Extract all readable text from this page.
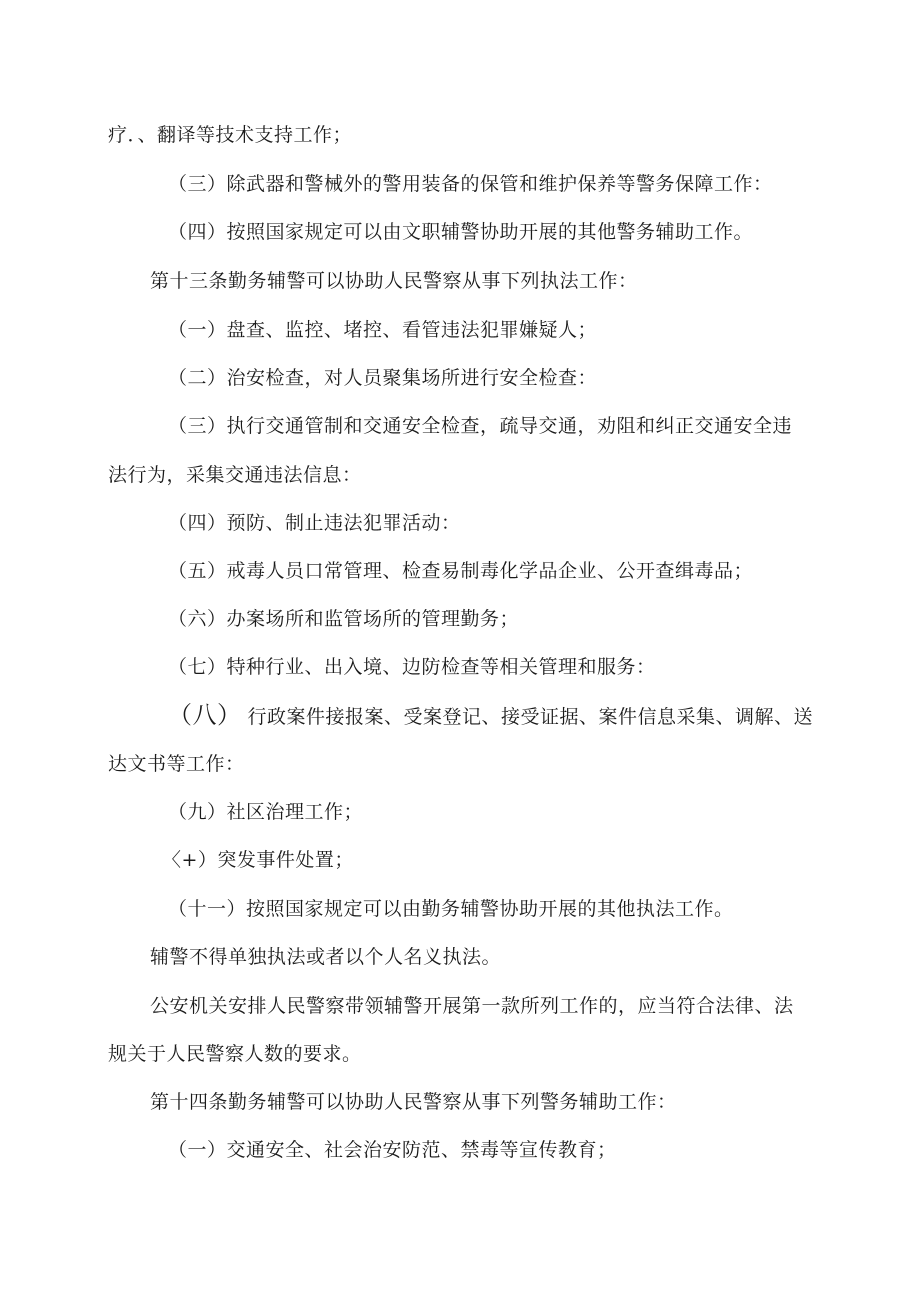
疗．、翻译等技术支持工作；
（三）除武器和警械外的警用装备的保管和维护保养等警务保障工作：
（四）按照国家规定可以由文职辅警协助开展的其他警务辅助工作。
第十三条勤务辅警可以协助人民警察从事下列执法工作：
（一）盘查、监控、堵控、看管违法犯罪嫌疑人；
（二）治安检查，对人员聚集场所进行安全检查：
（三）执行交通管制和交通安全检查，疏导交通，劝阻和纠正交通安全违
法行为，采集交通违法信息：
（四）预防、制止违法犯罪活动：
（五）戒毒人员口常管理、检查易制毒化学品企业、公开查缉毒品；
（六）办案场所和监管场所的管理勤务；
（七）特种行业、出入境、边防检查等相关管理和服务：
（八） 行政案件接报案、受案登记、接受证据、案件信息采集、调解、送
达文书等工作：
（九）社区治理工作；
〈+）突发事件处置；
（十一）按照国家规定可以由勤务辅警协助开展的其他执法工作。
辅警不得单独执法或者以个人名义执法。
公安机关安排人民警察带领辅警开展第一款所列工作的，应当符合法律、法
规关于人民警察人数的要求。
第十四条勤务辅警可以协助人民警察从事下列警务辅助工作：
（一）交通安全、社会治安防范、禁毒等宣传教育；
